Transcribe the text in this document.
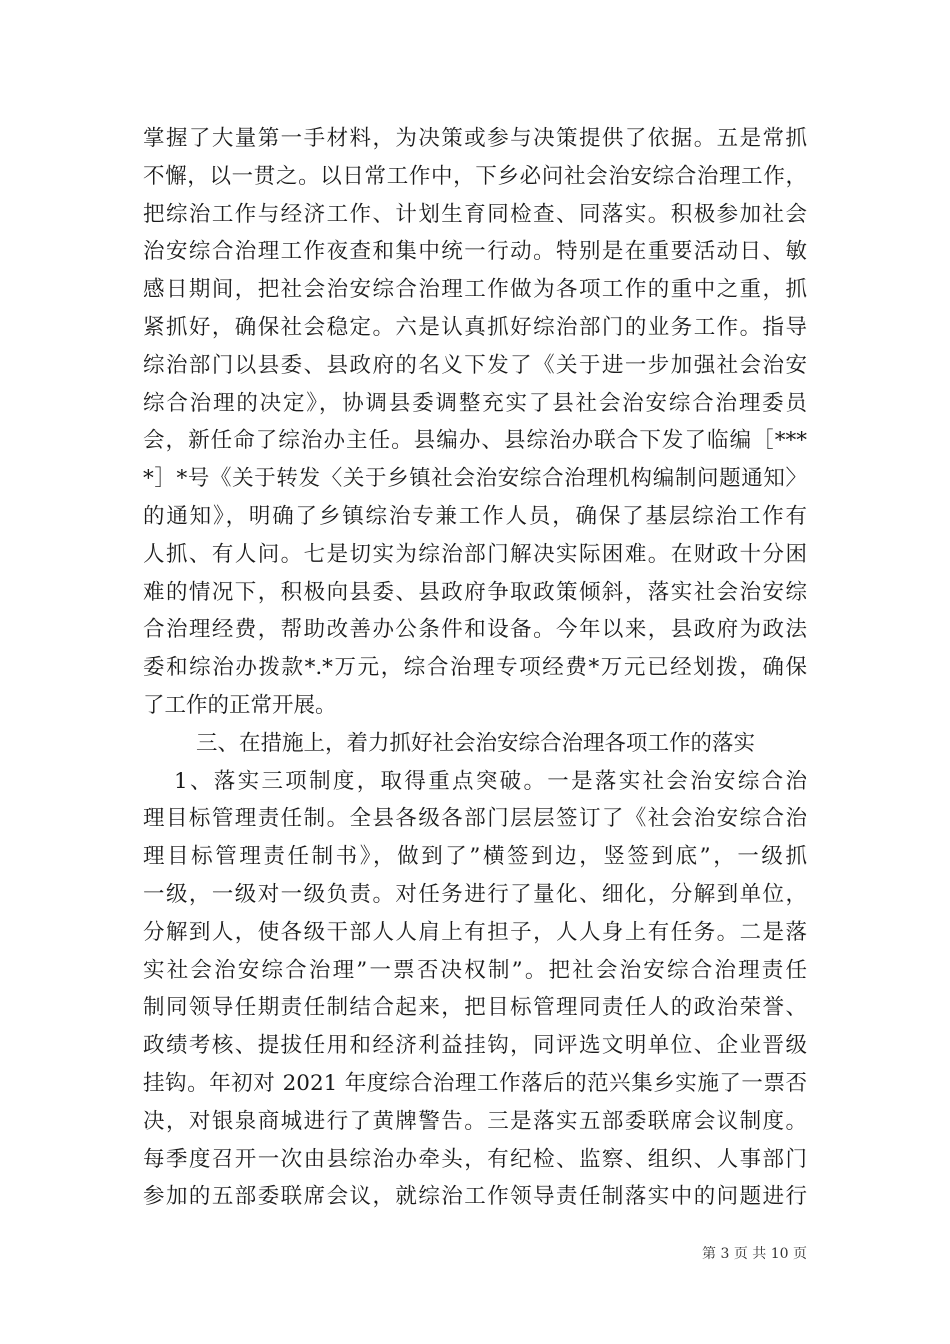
掌握了大量第一手材料，为决策或参与决策提供了依据。五是常抓
不懈，以一贯之。以日常工作中，下乡必问社会治安综合治理工作，
把综治工作与经济工作、计划生育同检查、同落实。积极参加社会
治安综合治理工作夜查和集中统一行动。特别是在重要活动日、敏
感日期间，把社会治安综合治理工作做为各项工作的重中之重，抓
紧抓好，确保社会稳定。六是认真抓好综治部门的业务工作。指导
综治部门以县委、县政府的名义下发了《关于进一步加强社会治安
综合治理的决定》，协调县委调整充实了县社会治安综合治理委员
会，新任命了综治办主任。县编办、县综治办联合下发了临编［***
*］*号《关于转发〈关于乡镇社会治安综合治理机构编制问题通知〉
的通知》，明确了乡镇综治专兼工作人员，确保了基层综治工作有
人抓、有人问。七是切实为综治部门解决实际困难。在财政十分困
难的情况下，积极向县委、县政府争取政策倾斜，落实社会治安综
合治理经费，帮助改善办公条件和设备。今年以来，县政府为政法
委和综治办拨款*.*万元，综合治理专项经费*万元已经划拨，确保
了工作的正常开展。
三、在措施上，着力抓好社会治安综合治理各项工作的落实
1、落实三项制度，取得重点突破。一是落实社会治安综合治
理目标管理责任制。全县各级各部门层层签订了《社会治安综合治
理目标管理责任制书》，做到了”横签到边，竖签到底”，一级抓
一级，一级对一级负责。对任务进行了量化、细化，分解到单位，
分解到人，使各级干部人人肩上有担子，人人身上有任务。二是落
实社会治安综合治理”一票否决权制”。把社会治安综合治理责任
制同领导任期责任制结合起来，把目标管理同责任人的政治荣誉、
政绩考核、提拔任用和经济利益挂钩，同评选文明单位、企业晋级
挂钩。年初对 2021 年度综合治理工作落后的范兴集乡实施了一票否
决，对银泉商城进行了黄牌警告。三是落实五部委联席会议制度。
每季度召开一次由县综治办牵头，有纪检、监察、组织、人事部门
参加的五部委联席会议，就综治工作领导责任制落实中的问题进行
第 3 页 共 10 页
